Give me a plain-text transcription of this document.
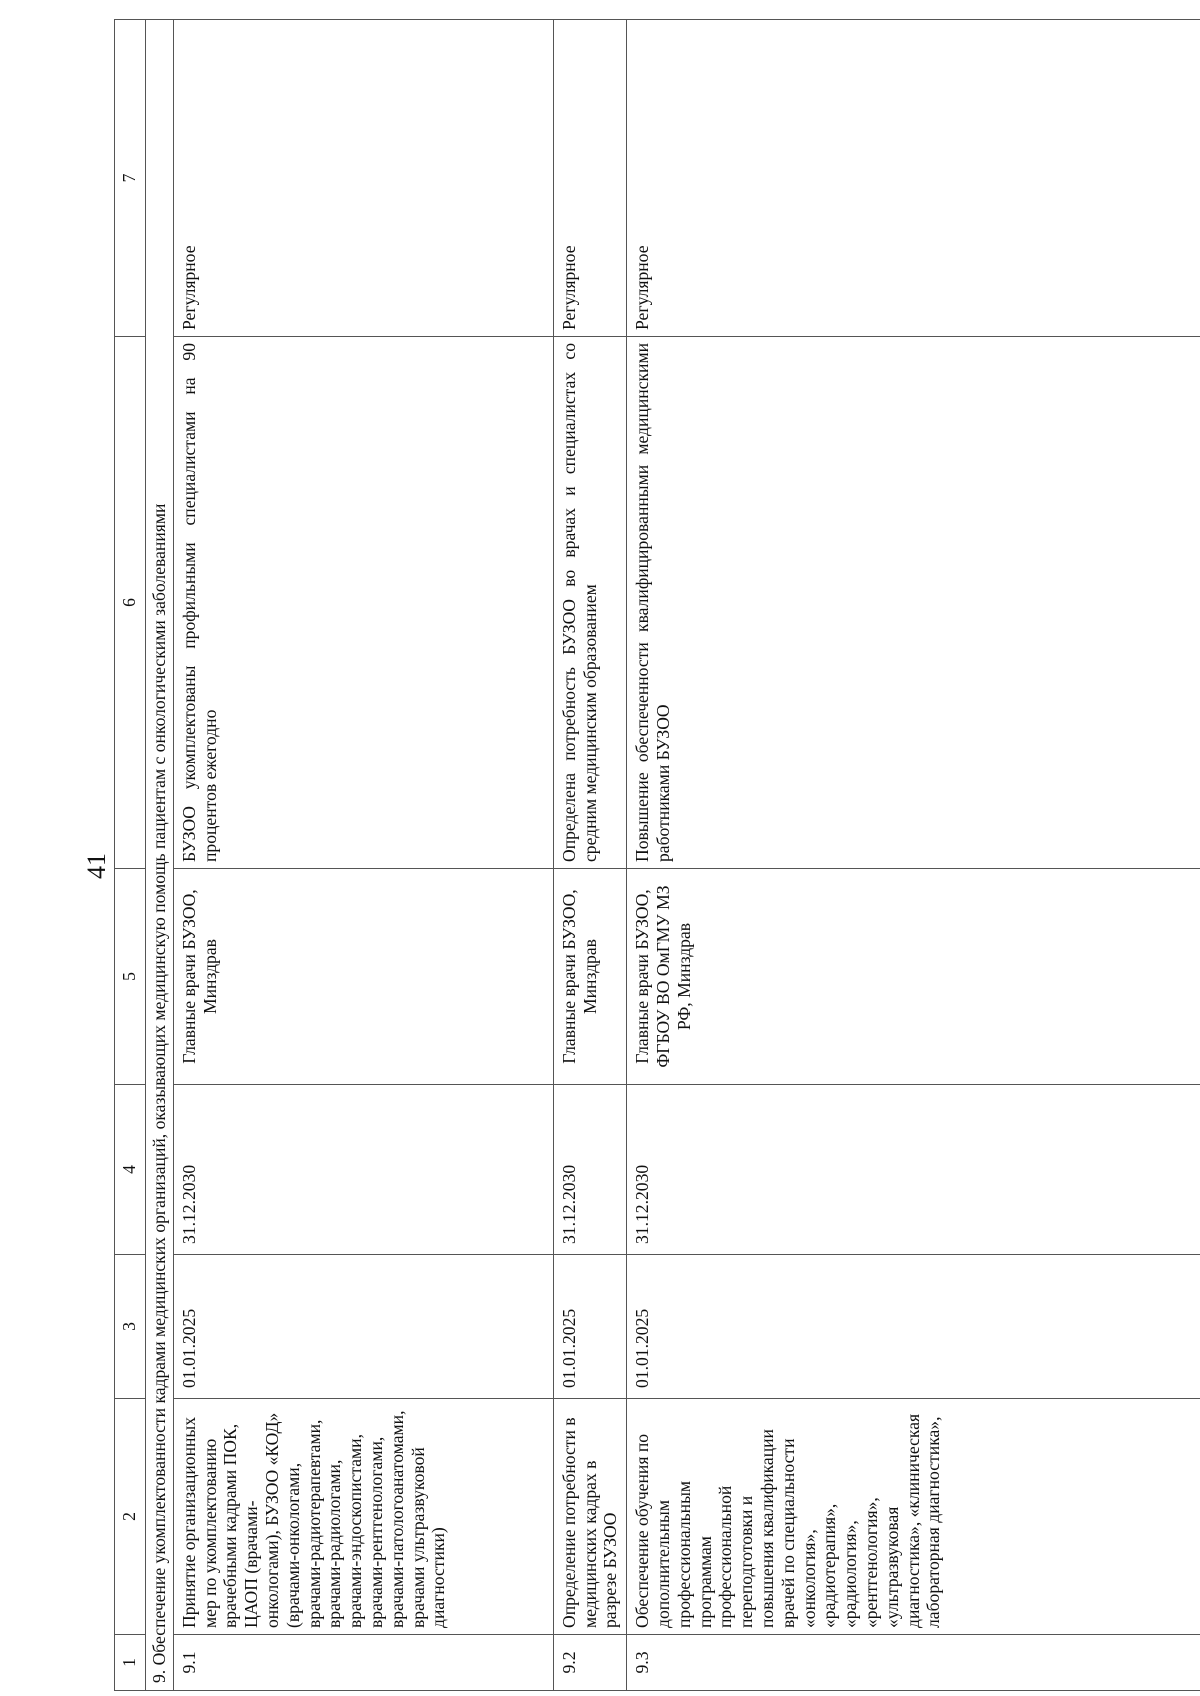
41
1	2	3	4	5	6	7
9. Обеспечение укомплектованности кадрами медицинских организаций, оказывающих медицинскую помощь пациентам с онкологическими заболеваниями						
9.1	Принятие организационных мер по укомплектованию врачебными кадрами ПОК, ЦАОП (врачами-онкологами), БУЗОО «КОД» (врачами-онкологами, врачами-радиотерапевтами, врачами-радиологами, врачами-эндоскопистами, врачами-рентгенологами, врачами-патологоанатомами, врачами ультразвуковой диагностики)	01.01.2025	31.12.2030	Главные врачи БУЗОО, Минздрав	БУЗОО укомплектованы профильными специалистами на 90 процентов ежегодно	Регулярное
9.2	Определение потребности в медицинских кадрах в разрезе БУЗОО	01.01.2025	31.12.2030	Главные врачи БУЗОО, Минздрав	Определена потребность БУЗОО во врачах и специалистах со средним медицинским образованием	Регулярное
9.3	Обеспечение обучения по дополнительным профессиональным программам профессиональной переподготовки и повышения квалификации врачей по специальности «онкология», «радиотерапия», «радиология», «рентгенология», «ультразвуковая диагностика», «клиническая лабораторная диагностика»,	01.01.2025	31.12.2030	Главные врачи БУЗОО, ФГБОУ ВО ОмГМУ МЗ РФ, Минздрав	Повышение обеспеченности квалифицированными медицинскими работниками БУЗОО	Регулярное
